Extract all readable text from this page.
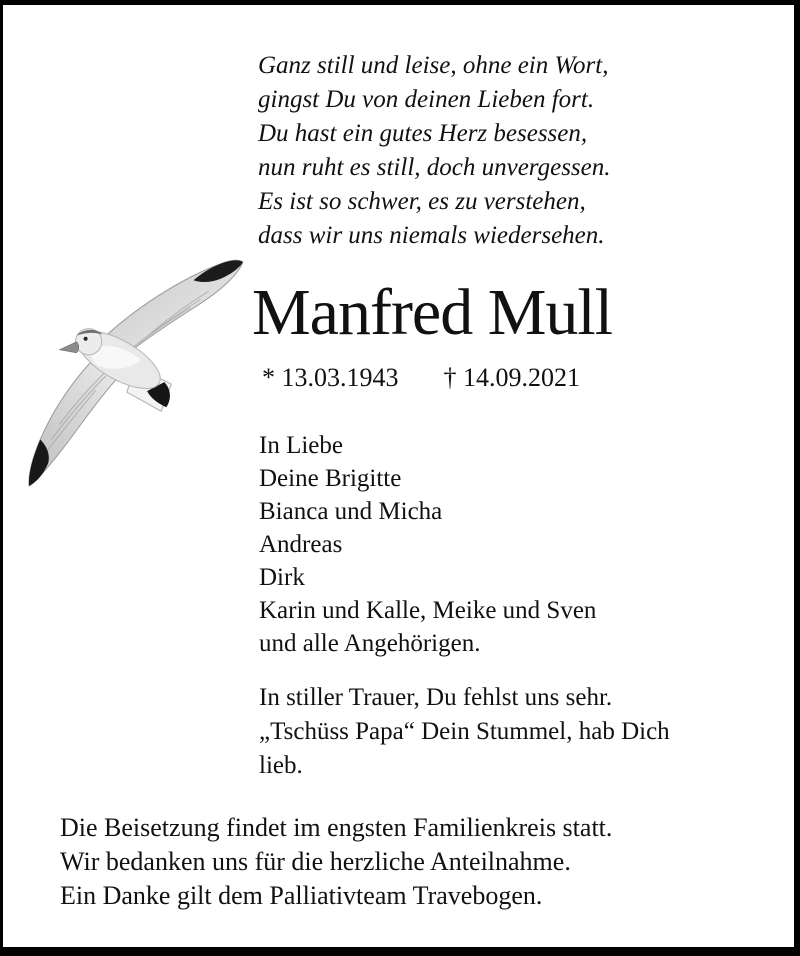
Ganz still und leise, ohne ein Wort,
gingst Du von deinen Lieben fort.
Du hast ein gutes Herz besessen,
nun ruht es still, doch unvergessen.
Es ist so schwer, es zu verstehen,
dass wir uns niemals wiedersehen.
Manfred Mull
* 13.03.1943 † 14.09.2021
In Liebe
Deine Brigitte
Bianca und Micha
Andreas
Dirk
Karin und Kalle, Meike und Sven
und alle Angehörigen.
In stiller Trauer, Du fehlst uns sehr.
„Tschüss Papa“ Dein Stummel, hab Dich
lieb.
Die Beisetzung findet im engsten Familienkreis statt.
Wir bedanken uns für die herzliche Anteilnahme.
Ein Danke gilt dem Palliativteam Travebogen.
